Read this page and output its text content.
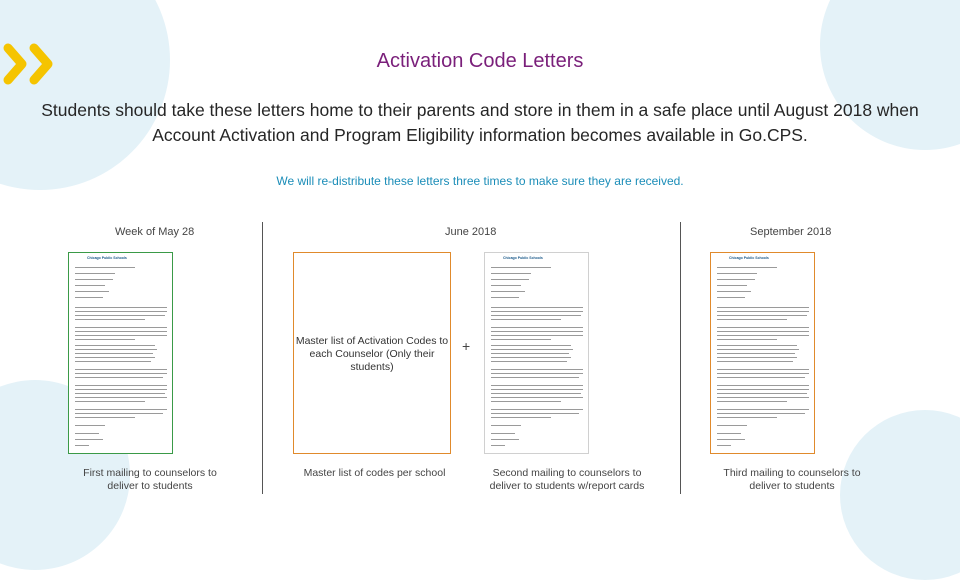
Activation Code Letters
Students should take these letters home to their parents and store in them in a safe place until August 2018 when Account Activation and Program Eligibility information becomes available in Go.CPS.
We will re-distribute these letters three times to make sure they are received.
Week of May 28	June 2018	September 2018
Chicago Public Schools	Chicago Public Schools	Chicago Public Schools
Master list of Activation Codes to each Counselor (Only their students)
+
First mailing to counselors to deliver to students
Master list of codes per school	Second mailing to counselors to deliver to students w/report cards
Third mailing to counselors to deliver to students
